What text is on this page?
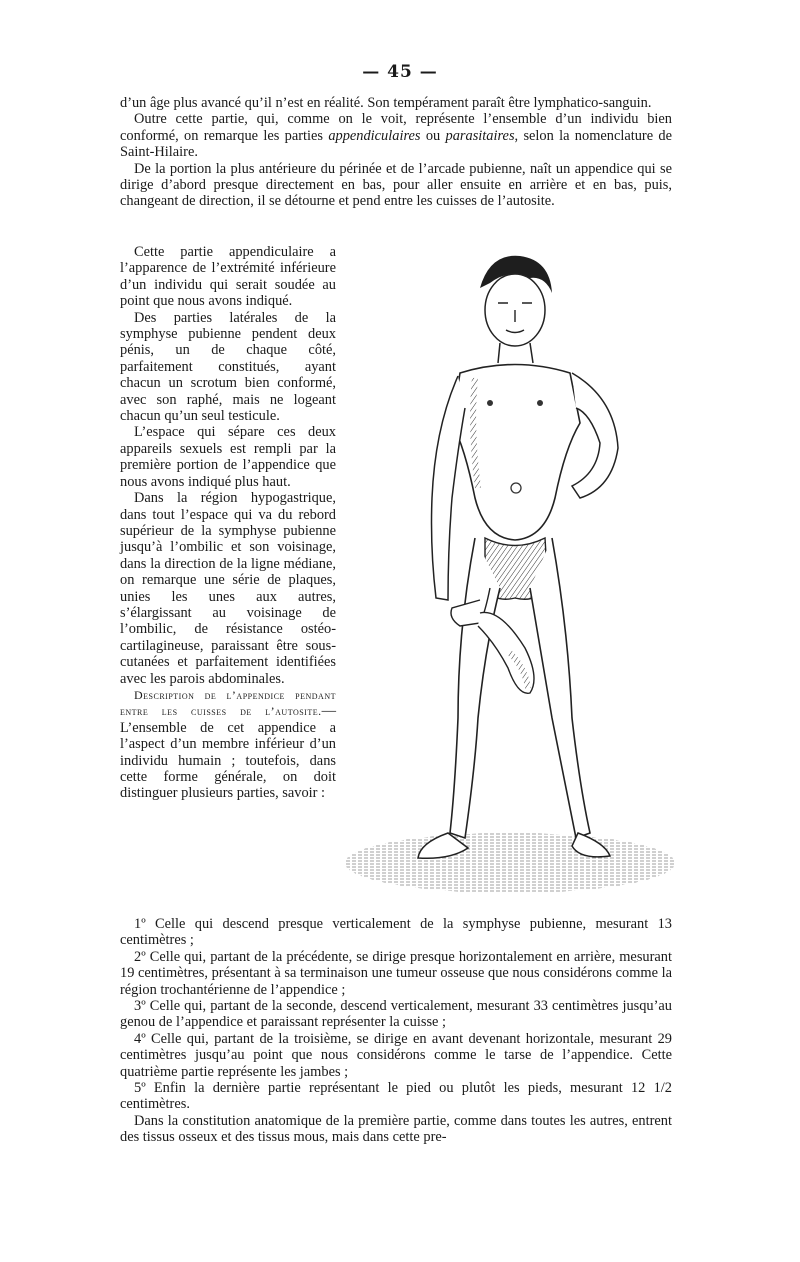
— 45 —

d’un âge plus avancé qu’il n’est en réalité. Son tempérament paraît être lymphatico-sanguin.

Outre cette partie, qui, comme on le voit, représente l’ensemble d’un individu bien conformé, on remarque les parties appendiculaires ou parasitaires, selon la nomenclature de Saint-Hilaire.

De la portion la plus antérieure du périnée et de l’arcade pubienne, naît un appendice qui se dirige d’abord presque directement en bas, pour aller ensuite en arrière et en bas, puis, changeant de direction, il se détourne et pend entre les cuisses de l’autosite.

Cette partie appendiculaire a l’apparence de l’extrémité inférieure d’un individu qui serait soudée au point que nous avons indiqué.

Des parties latérales de la symphyse pubienne pendent deux pénis, un de chaque côté, parfaitement constitués, ayant chacun un scrotum bien conformé, avec son raphé, mais ne logeant chacun qu’un seul testicule.

L’espace qui sépare ces deux appareils sexuels est rempli par la première portion de l’appendice que nous avons indiqué plus haut.

Dans la région hypogastrique, dans tout l’espace qui va du rebord supérieur de la symphyse pubienne jusqu’à l’ombilic et son voisinage, dans la direction de la ligne médiane, on remarque une série de plaques, unies les unes aux autres, s’élargissant au voisinage de l’ombilic, de résistance ostéo-cartilagineuse, paraissant être sous-cutanées et parfaitement identifiées avec les parois abdominales.

Description de l’appendice pendant entre les cuisses de l’autosite.—L’ensemble de cet appendice a l’aspect d’un membre inférieur d’un individu humain ; toutefois, dans cette forme générale, on doit distinguer plusieurs parties, savoir :

1º Celle qui descend presque verticalement de la symphyse pubienne, mesurant 13 centimètres ;

2º Celle qui, partant de la précédente, se dirige presque horizontalement en arrière, mesurant 19 centimètres, présentant à sa terminaison une tumeur osseuse que nous considérons comme la région trochantérienne de l’appendice ;

3º Celle qui, partant de la seconde, descend verticalement, mesurant 33 centimètres jusqu’au genou de l’appendice et paraissant représenter la cuisse ;

4º Celle qui, partant de la troisième, se dirige en avant devenant horizontale, mesurant 29 centimètres jusqu’au point que nous considérons comme le tarse de l’appendice. Cette quatrième partie représente les jambes ;

5º Enfin la dernière partie représentant le pied ou plutôt les pieds, mesurant 12 1/2 centimètres.

Dans la constitution anatomique de la première partie, comme dans toutes les autres, entrent des tissus osseux et des tissus mous, mais dans cette pre-
